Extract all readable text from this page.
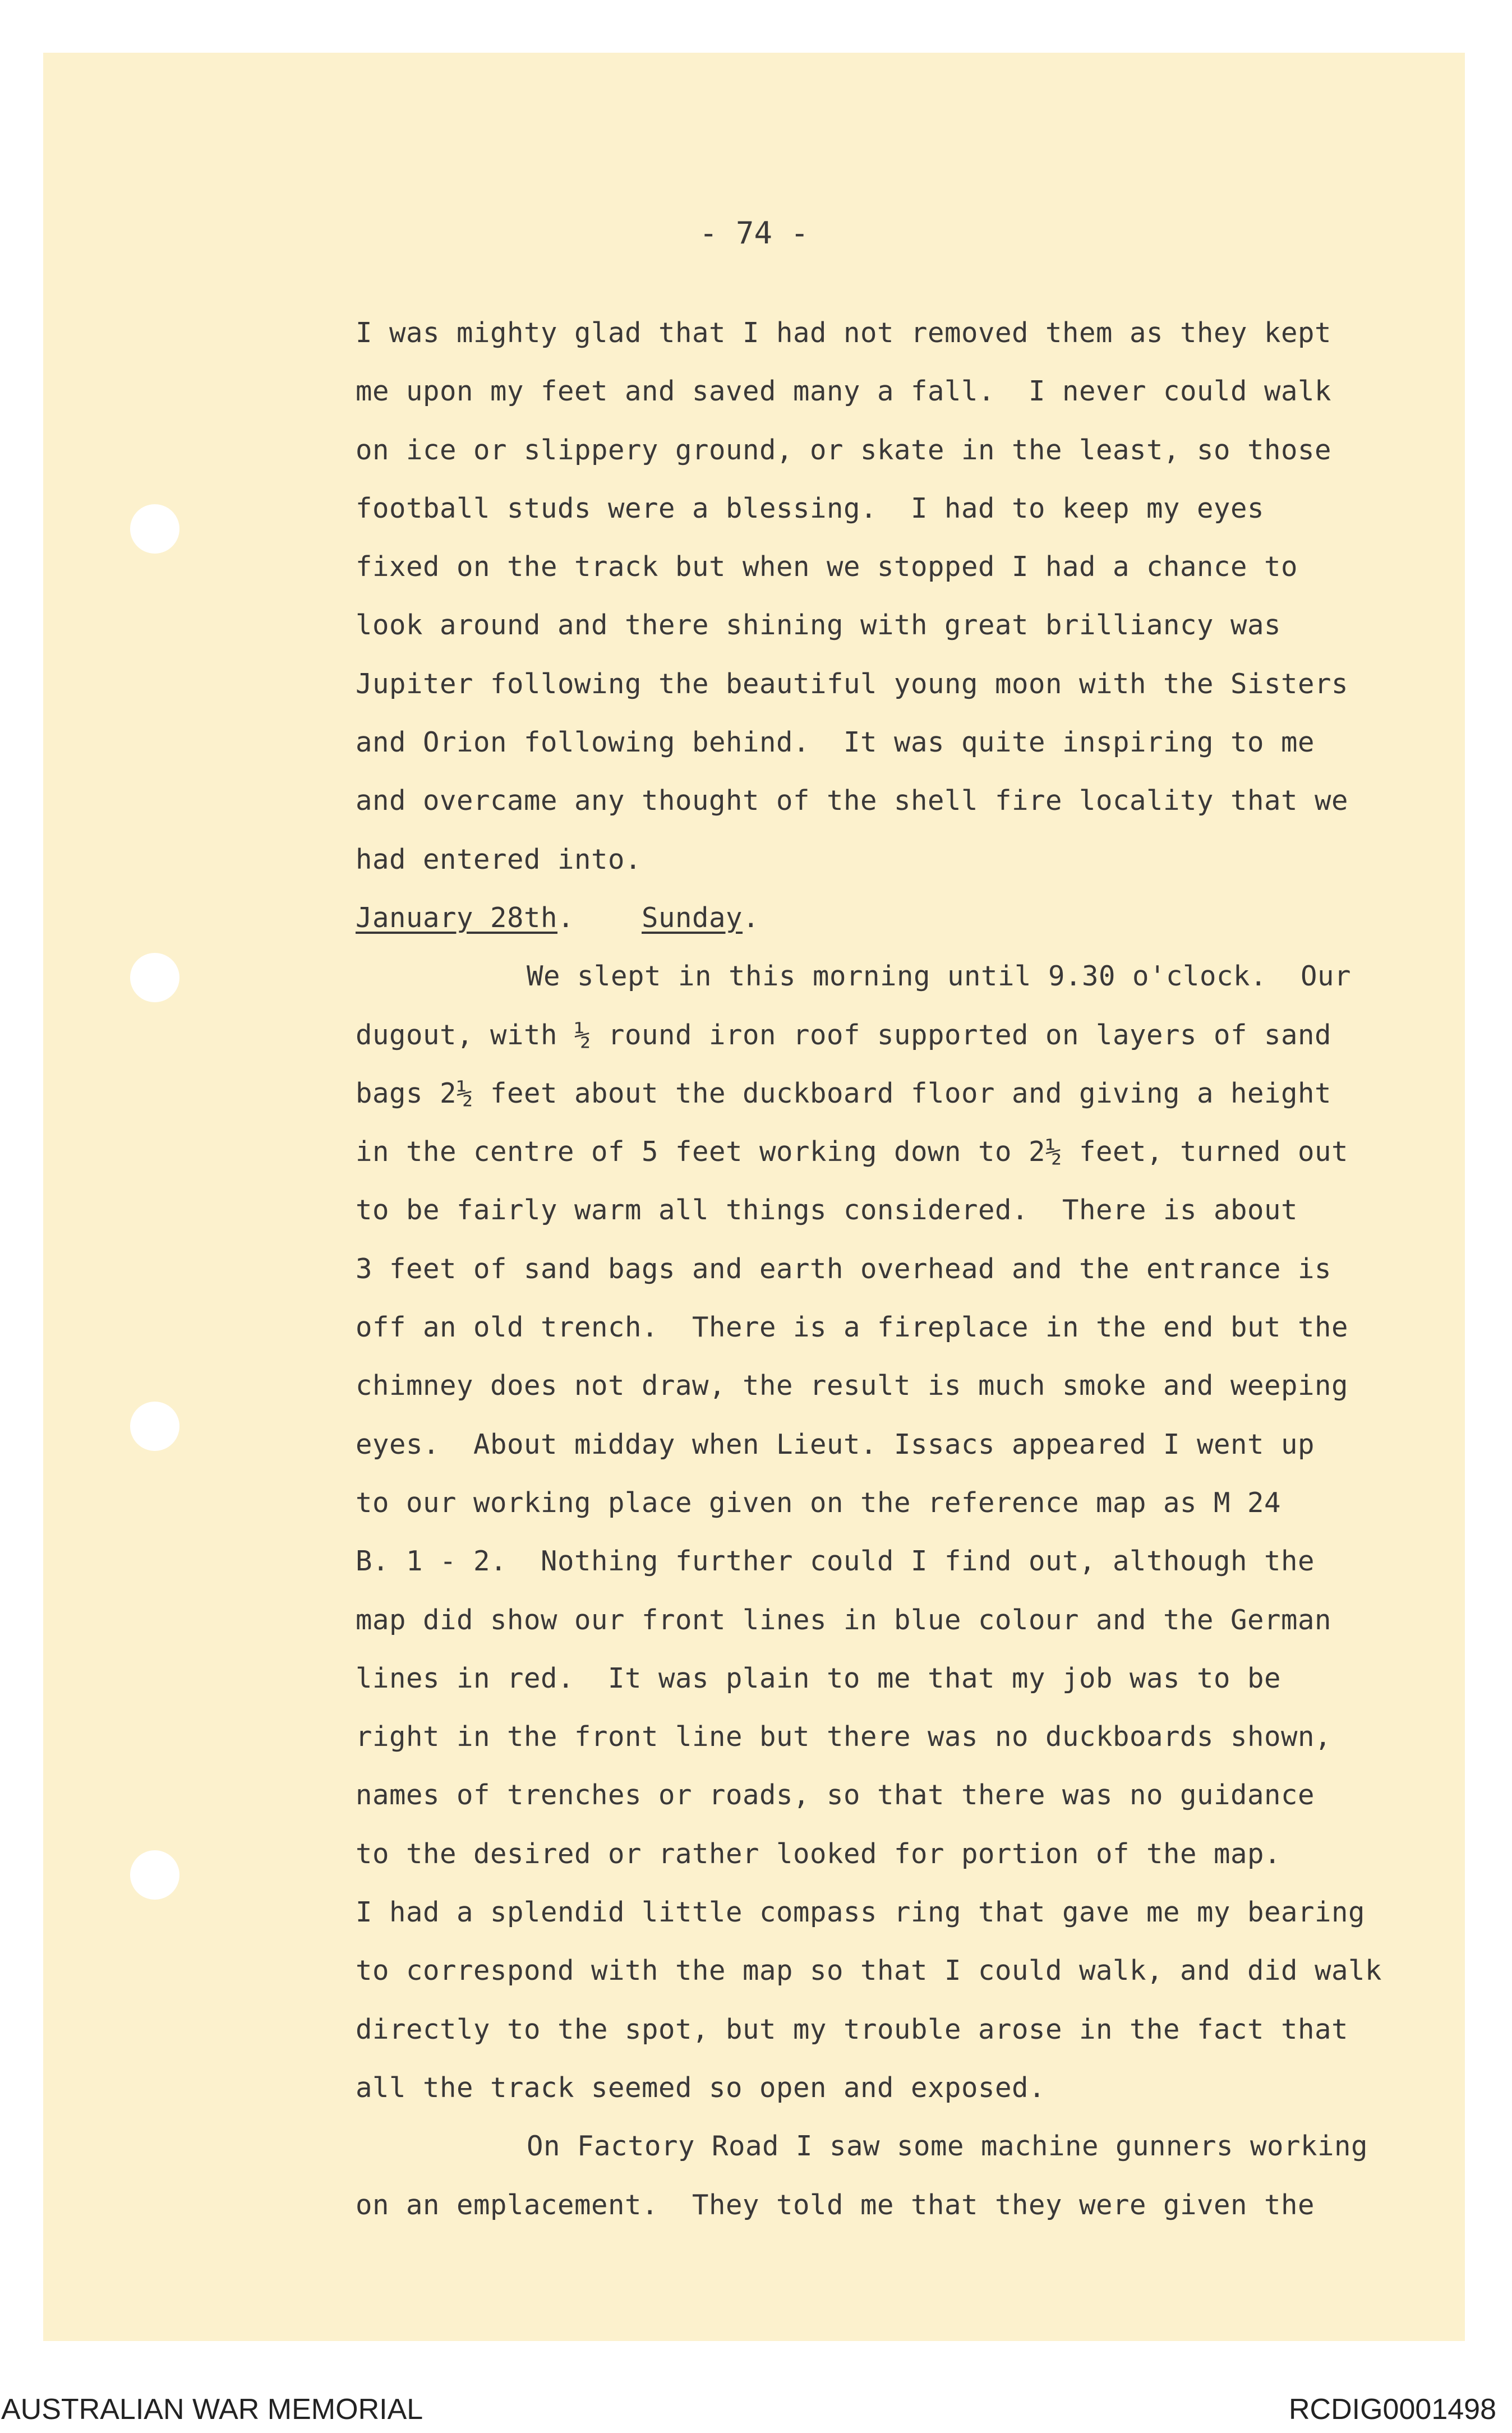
- 74 -
I was mighty glad that I had not removed them as they kept
me upon my feet and saved many a fall.  I never could walk
on ice or slippery ground, or skate in the least, so those
football studs were a blessing.  I had to keep my eyes
fixed on the track but when we stopped I had a chance to
look around and there shining with great brilliancy was
Jupiter following the beautiful young moon with the Sisters
and Orion following behind.  It was quite inspiring to me
and overcame any thought of the shell fire locality that we
had entered into.
January 28th. Sunday.
We slept in this morning until 9.30 o'clock.  Our
dugout, with ½ round iron roof supported on layers of sand
bags 2½ feet about the duckboard floor and giving a height
in the centre of 5 feet working down to 2½ feet, turned out
to be fairly warm all things considered.  There is about
3 feet of sand bags and earth overhead and the entrance is
off an old trench.  There is a fireplace in the end but the
chimney does not draw, the result is much smoke and weeping
eyes.  About midday when Lieut. Issacs appeared I went up
to our working place given on the reference map as M 24
B. 1 - 2.  Nothing further could I find out, although the
map did show our front lines in blue colour and the German
lines in red.  It was plain to me that my job was to be
right in the front line but there was no duckboards shown,
names of trenches or roads, so that there was no guidance
to the desired or rather looked for portion of the map.
I had a splendid little compass ring that gave me my bearing
to correspond with the map so that I could walk, and did walk
directly to the spot, but my trouble arose in the fact that
all the track seemed so open and exposed.
On Factory Road I saw some machine gunners working
on an emplacement.  They told me that they were given the
AUSTRALIAN WAR MEMORIAL	RCDIG0001498
